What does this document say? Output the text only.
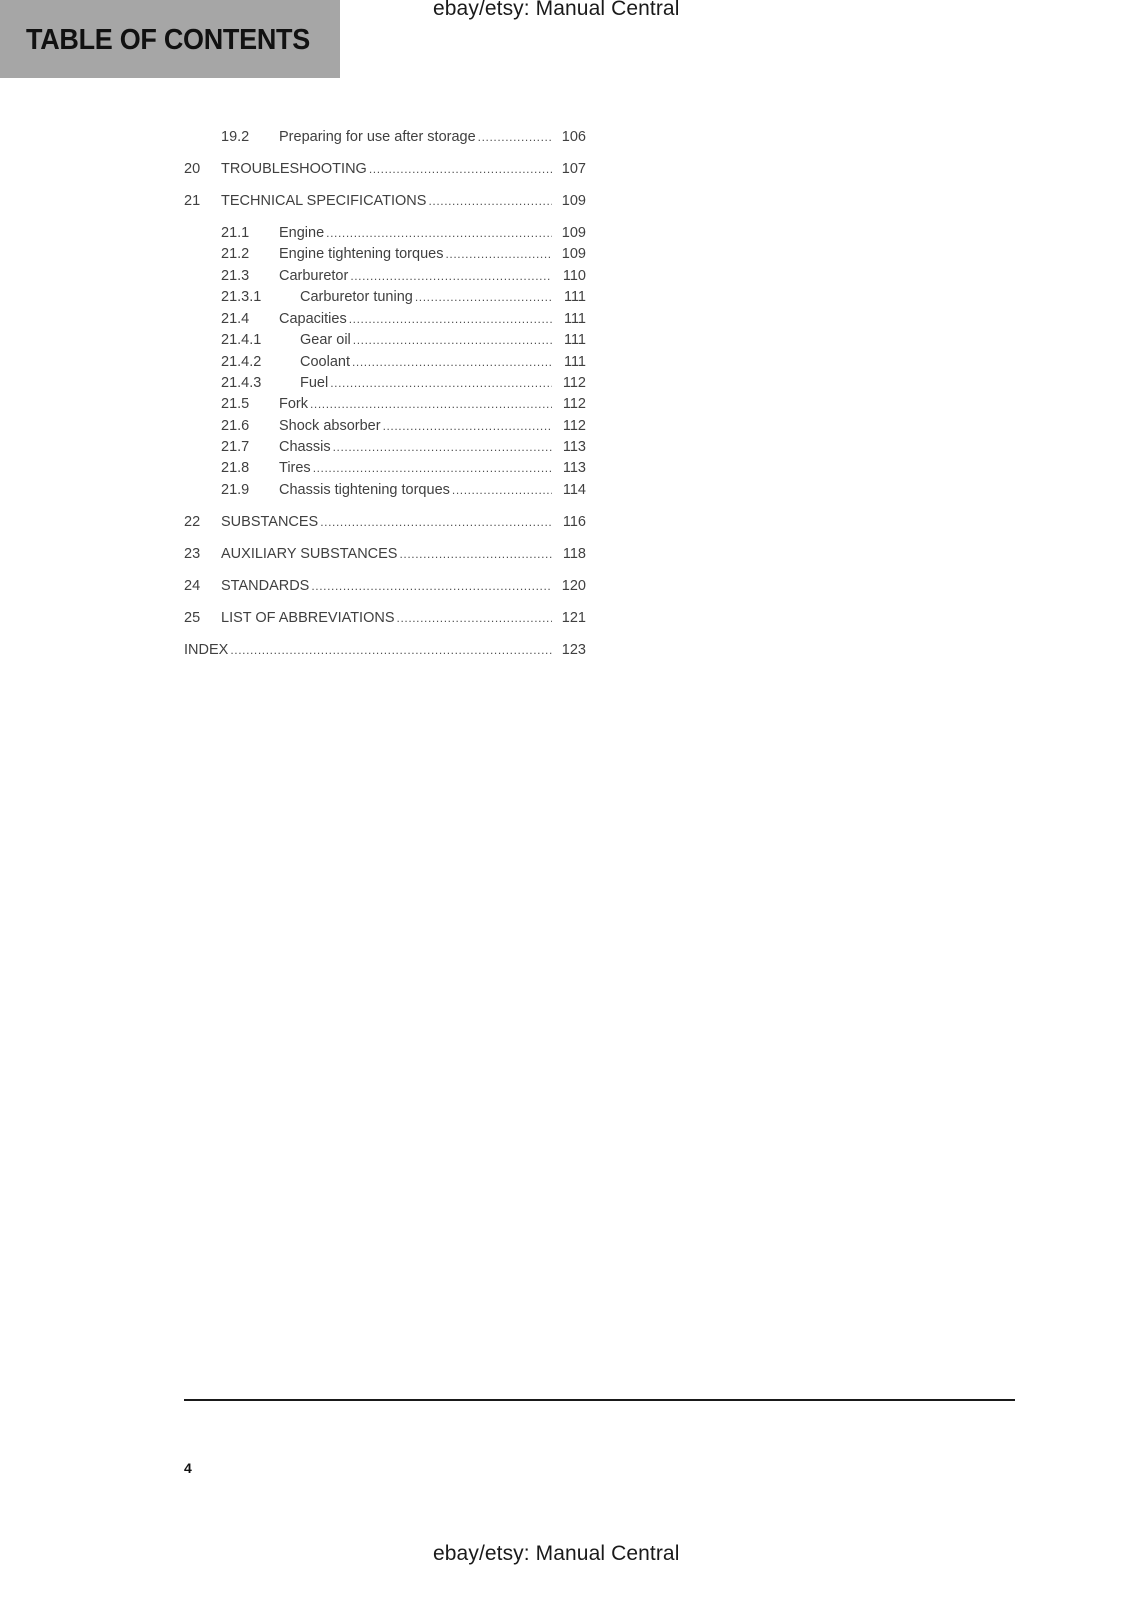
ebay/etsy: Manual Central
TABLE OF CONTENTS
19.2	Preparing for use after storage .....	106
20	TROUBLESHOOTING .....	107
21	TECHNICAL SPECIFICATIONS .....	109
21.1	Engine .....	109
21.2	Engine tightening torques .....	109
21.3	Carburetor .....	110
21.3.1	Carburetor tuning .....	111
21.4	Capacities .....	111
21.4.1	Gear oil .....	111
21.4.2	Coolant .....	111
21.4.3	Fuel .....	112
21.5	Fork .....	112
21.6	Shock absorber .....	112
21.7	Chassis .....	113
21.8	Tires .....	113
21.9	Chassis tightening torques .....	114
22	SUBSTANCES .....	116
23	AUXILIARY SUBSTANCES .....	118
24	STANDARDS .....	120
25	LIST OF ABBREVIATIONS .....	121
INDEX .....	123
4
ebay/etsy: Manual Central
